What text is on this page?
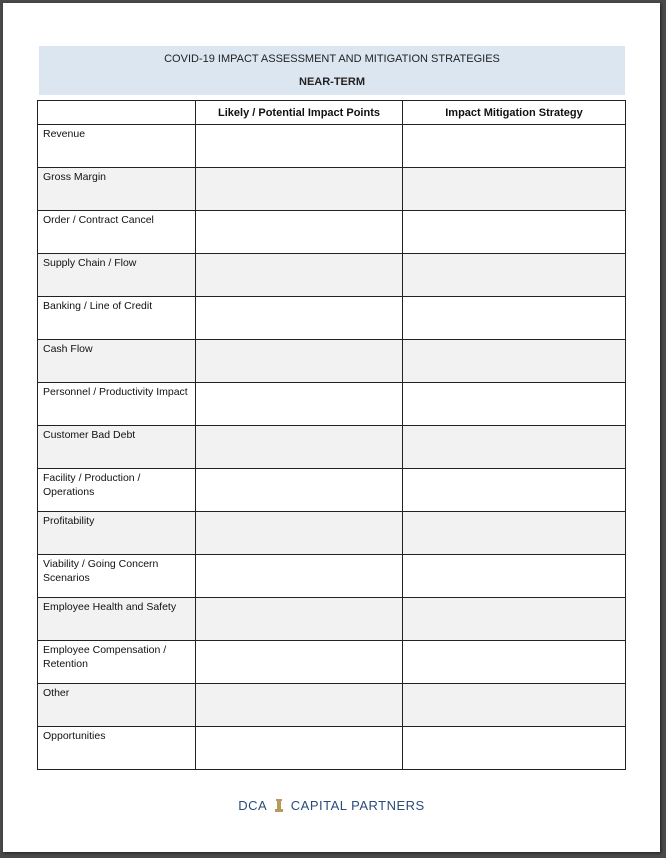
COVID-19 IMPACT ASSESSMENT AND MITIGATION STRATEGIES
NEAR-TERM
	Likely / Potential Impact Points	Impact Mitigation Strategy

Revenue		

Gross Margin		

Order / Contract Cancel		

Supply Chain / Flow		

Banking / Line of Credit		

Cash Flow		

Personnel / Productivity Impact		

Customer Bad Debt		

Facility / Production / Operations		

Profitability		

Viability / Going Concern Scenarios		

Employee Health and Safety		

Employee Compensation / Retention		

Other		

Opportunities		

DCA CAPITAL PARTNERS
